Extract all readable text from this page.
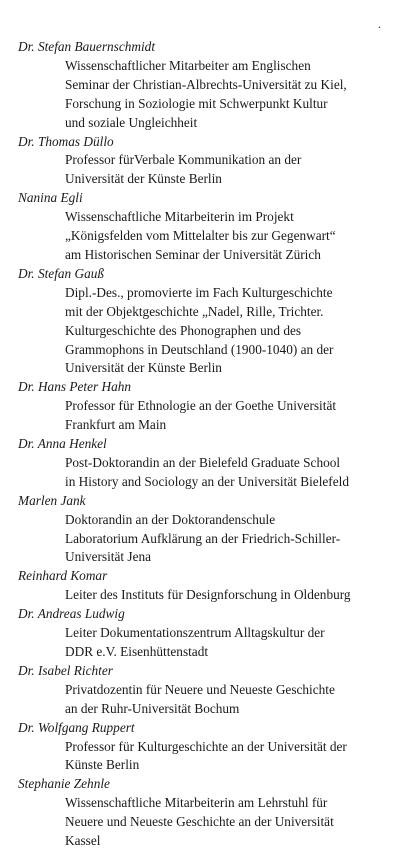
.
Dr. Stefan Bauernschmidt
Wissenschaftlicher Mitarbeiter am Englischen
Seminar der Christian-Albrechts-Universität zu Kiel,
Forschung in Soziologie mit Schwerpunkt Kultur
und soziale Ungleichheit
Dr. Thomas Düllo
Professor fürVerbale Kommunikation an der
Universität der Künste Berlin
Nanina Egli
Wissenschaftliche Mitarbeiterin im Projekt
„Königsfelden vom Mittelalter bis zur Gegenwart“
am Historischen Seminar der Universität Zürich
Dr. Stefan Gauß
Dipl.-Des., promovierte im Fach Kulturgeschichte
mit der Objektgeschichte „Nadel, Rille, Trichter.
Kulturgeschichte des Phonographen und des
Grammophons in Deutschland (1900-1040) an der
Universität der Künste Berlin
Dr. Hans Peter Hahn
Professor für Ethnologie an der Goethe Universität
Frankfurt am Main
Dr. Anna Henkel
Post-Doktorandin an der Bielefeld Graduate School
in History and Sociology an der Universität Bielefeld
Marlen Jank
Doktorandin an der Doktorandenschule
Laboratorium Aufklärung an der Friedrich-Schiller-
Universität Jena
Reinhard Komar
Leiter des Instituts für Designforschung in Oldenburg
Dr. Andreas Ludwig
Leiter Dokumentationszentrum Alltagskultur der
DDR e.V. Eisenhüttenstadt
Dr. Isabel Richter
Privatdozentin für Neuere und Neueste Geschichte
an der Ruhr-Universität Bochum
Dr. Wolfgang Ruppert
Professor für Kulturgeschichte an der Universität der
Künste Berlin
Stephanie Zehnle
Wissenschaftliche Mitarbeiterin am Lehrstuhl für
Neuere und Neueste Geschichte an der Universität
Kassel
